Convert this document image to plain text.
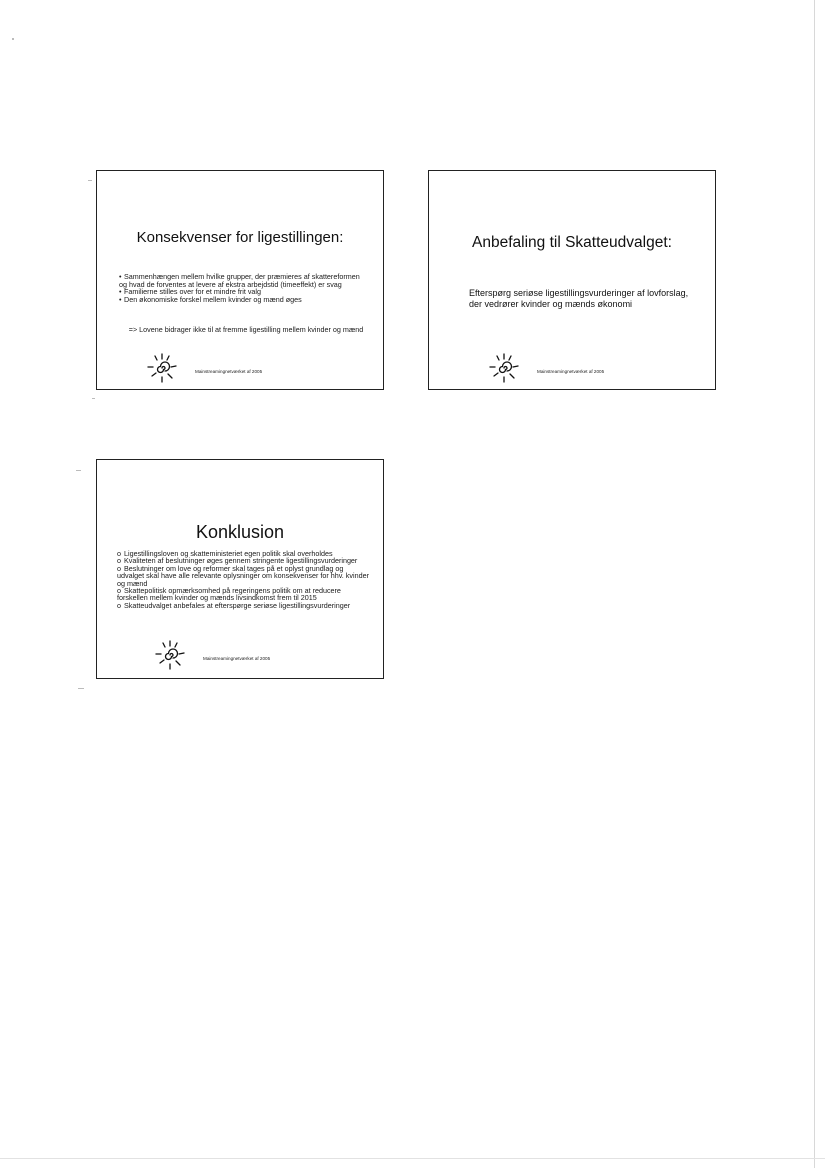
Konsekvenser for ligestillingen:
• Sammenhængen mellem hvilke grupper, der præmieres af skattereformen og hvad de forventes at levere af ekstra arbejdstid (timeeffekt) er svag
• Familierne stilles over for et mindre frit valg
• Den økonomiske forskel mellem kvinder og mænd øges
=> Lovene bidrager ikke til at fremme ligestilling mellem kvinder og mænd
Mainstreamingnetværket af 2005
Anbefaling til Skatteudvalget:
Efterspørg seriøse ligestillingsvurderinger af lovforslag, der vedrører kvinder og mænds økonomi
Mainstreamingnetværket af 2005
Konklusion
o Ligestillingsloven og skatteministeriet egen politik skal overholdes
o Kvaliteten af beslutninger øges gennem stringente ligestillingsvurderinger
o Beslutninger om love og reformer skal tages på et oplyst grundlag og udvalget skal have alle relevante oplysninger om konsekvenser for hhv. kvinder og mænd
o Skattepolitisk opmærksomhed på regeringens politik om at reducere forskellen mellem kvinder og mænds livsindkomst frem til 2015
o Skatteudvalget anbefales at efterspørge seriøse ligestillingsvurderinger
Mainstreamingnetværket af 2005
